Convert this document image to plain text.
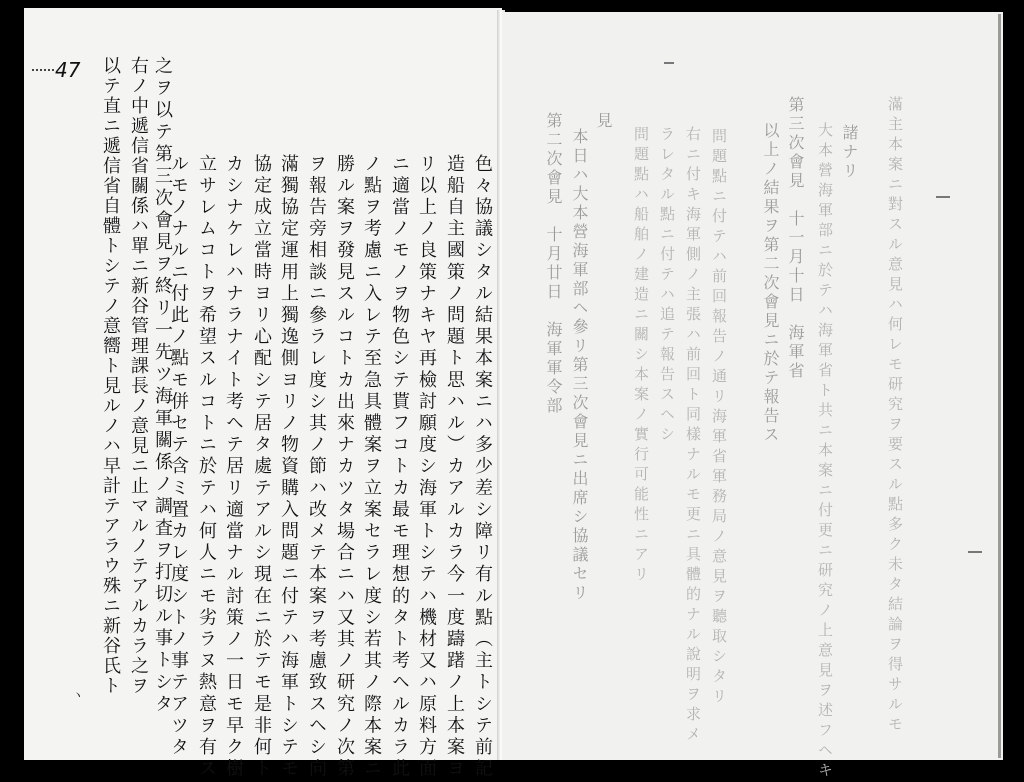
47
ヽ	色々協議シタル結果本案ニハ多少差シ障リ有ル點（主トシテ前記
造船自主國策ノ問題ト思ハル）カアルカラ今一度躊躇ノ上本案ヨ
リ以上ノ良策ナキヤ再檢討願度シ海軍トシテハ機材又ハ原料方面
ニ適當ノモノヲ物色シテ貰フコトカ最モ理想的タト考ヘルカラ此
ノ點ヲ考慮ニ入レテ至急具體案ヲ立案セラレ度シ若其ノ際本案ニ
勝ル案ヲ發見スルコトカ出來ナカツタ場合ニハ又其ノ研究ノ次第
ヲ報告旁相談ニ參ラレ度シ其ノ節ハ改メテ本案ヲ考慮致スヘシ向
滿獨協定運用上獨逸側ヨリノ物資購入問題ニ付テハ海軍トシテモ
協定成立當時ヨリ心配シテ居タ處テアルシ現在ニ於テモ是非何ト
カシナケレハナラナイト考ヘテ居リ適當ナル討策ノ一日モ早ク樹
立サレムコトヲ希望スルコトニ於テハ何人ニモ劣ラヌ熱意ヲ有ス
ルモノナルニ付此ノ點モ併セテ含ミ置カレ度シトノ事テアツタ
右ノ中遞信省關係ハ單ニ新谷管理課長ノ意見ニ止マルノテアルカラ之ヲ
以テ直ニ遞信省自體トシテノ意嚮ト見ルノハ早計テアラウ殊ニ新谷氏ト 之ヲ以テ第三次會見ヲ終リ一先ツ海軍關係ノ調査ヲ打切ル事トシタ	滿主本案ニ對スル意見ハ何レモ研究ヲ要スル點多ク未タ結論ヲ得サルモ
諸ナリ
大本營海軍部ニ於テハ海軍省ト共ニ本案ニ付更ニ研究ノ上意見ヲ述フヘキ
第三次會見　十一月十日　海軍省
以上ノ結果ヲ第二次會見ニ於テ報告ス
問題點ニ付テハ前回報告ノ通リ海軍省軍務局ノ意見ヲ聽取シタリ
右ニ付キ海軍側ノ主張ハ前回ト同樣ナルモ更ニ具體的ナル說明ヲ求メ
ラレタル點ニ付テハ追テ報告スヘシ
問題點ハ船舶ノ建造ニ關シ本案ノ實行可能性ニアリ
見
本日ハ大本營海軍部ヘ參リ第三次會見ニ出席シ協議セリ
第二次會見　十月廿日　海軍軍令部
